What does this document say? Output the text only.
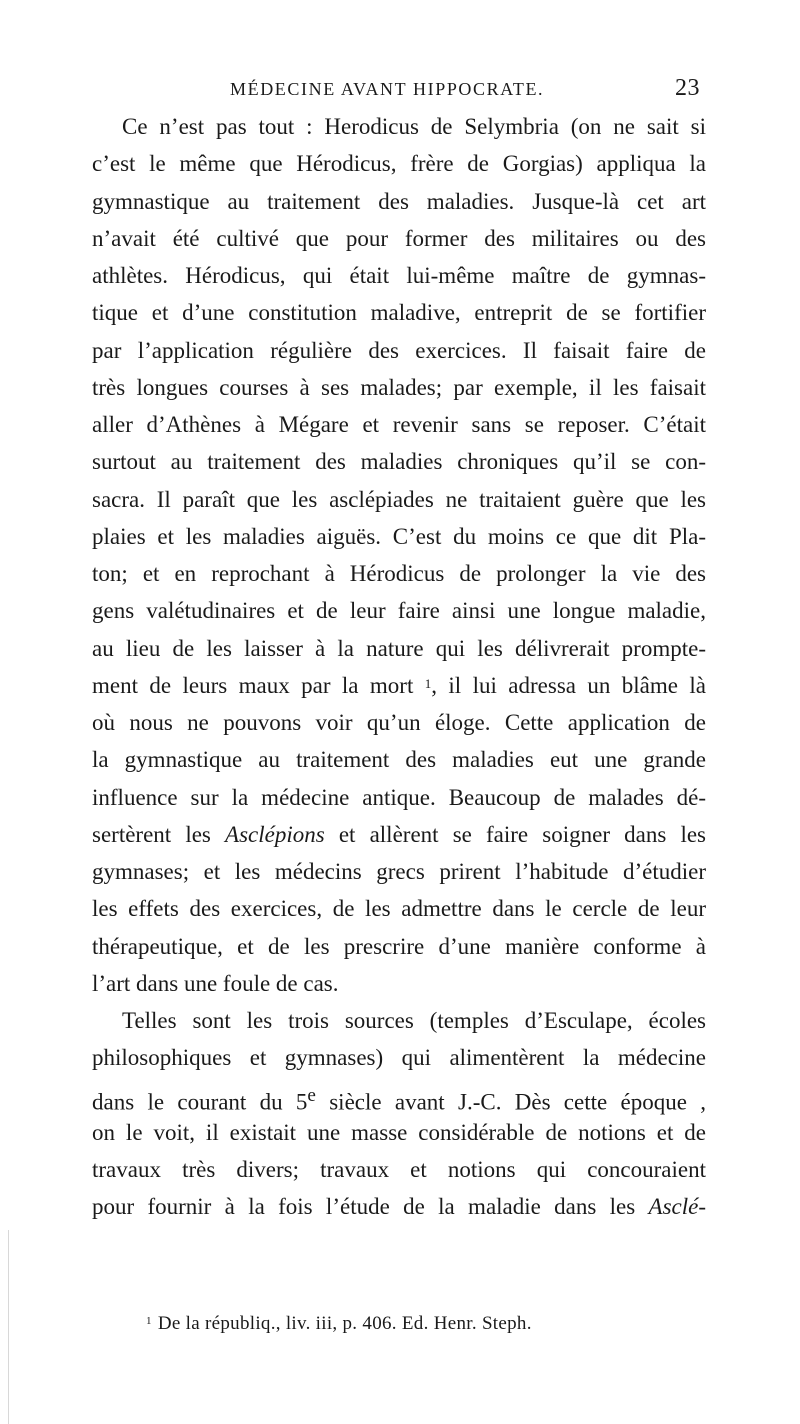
MÉDECINE AVANT HIPPOCRATE.	23
Ce n’est pas tout : Herodicus de Selymbria (on ne sait si
c’est le même que Hérodicus, frère de Gorgias) appliqua la
gymnastique au traitement des maladies. Jusque-là cet art
n’avait été cultivé que pour former des militaires ou des
athlètes. Hérodicus, qui était lui-même maître de gymnas-
tique et d’une constitution maladive, entreprit de se fortifier
par l’application régulière des exercices. Il faisait faire de
très longues courses à ses malades; par exemple, il les faisait
aller d’Athènes à Mégare et revenir sans se reposer. C’était
surtout au traitement des maladies chroniques qu’il se con-
sacra. Il paraît que les asclépiades ne traitaient guère que les
plaies et les maladies aiguës. C’est du moins ce que dit Pla-
ton; et en reprochant à Hérodicus de prolonger la vie des
gens valétudinaires et de leur faire ainsi une longue maladie,
au lieu de les laisser à la nature qui les délivrerait prompte-
ment de leurs maux par la mort $^1$, il lui adressa un blâme là
où nous ne pouvons voir qu’un éloge. Cette application de
la gymnastique au traitement des maladies eut une grande
influence sur la médecine antique. Beaucoup de malades dé-
sertèrent les Asclépions et allèrent se faire soigner dans les
gymnases; et les médecins grecs prirent l’habitude d’étudier
les effets des exercices, de les admettre dans le cercle de leur
thérapeutique, et de les prescrire d’une manière conforme à
l’art dans une foule de cas.
Telles sont les trois sources (temples d’Esculape, écoles
philosophiques et gymnases) qui alimentèrent la médecine
dans le courant du 5e siècle avant J.-C. Dès cette époque ,
on le voit, il existait une masse considérable de notions et de
travaux très divers; travaux et notions qui concouraient
pour fournir à la fois l’étude de la maladie dans les Asclé-
$^1$ De la républiq., liv. iii, p. 406. Ed. Henr. Steph.
